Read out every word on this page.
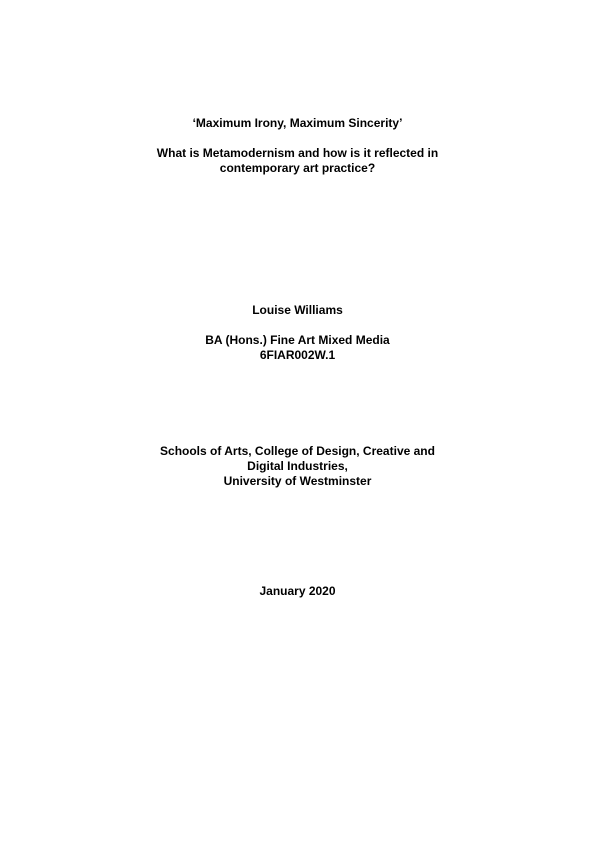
‘Maximum Irony, Maximum Sincerity’
What is Metamodernism and how is it reflected in
contemporary art practice?
Louise Williams
BA (Hons.) Fine Art Mixed Media
6FIAR002W.1
Schools of Arts, College of Design, Creative and
Digital Industries,
University of Westminster
January 2020
